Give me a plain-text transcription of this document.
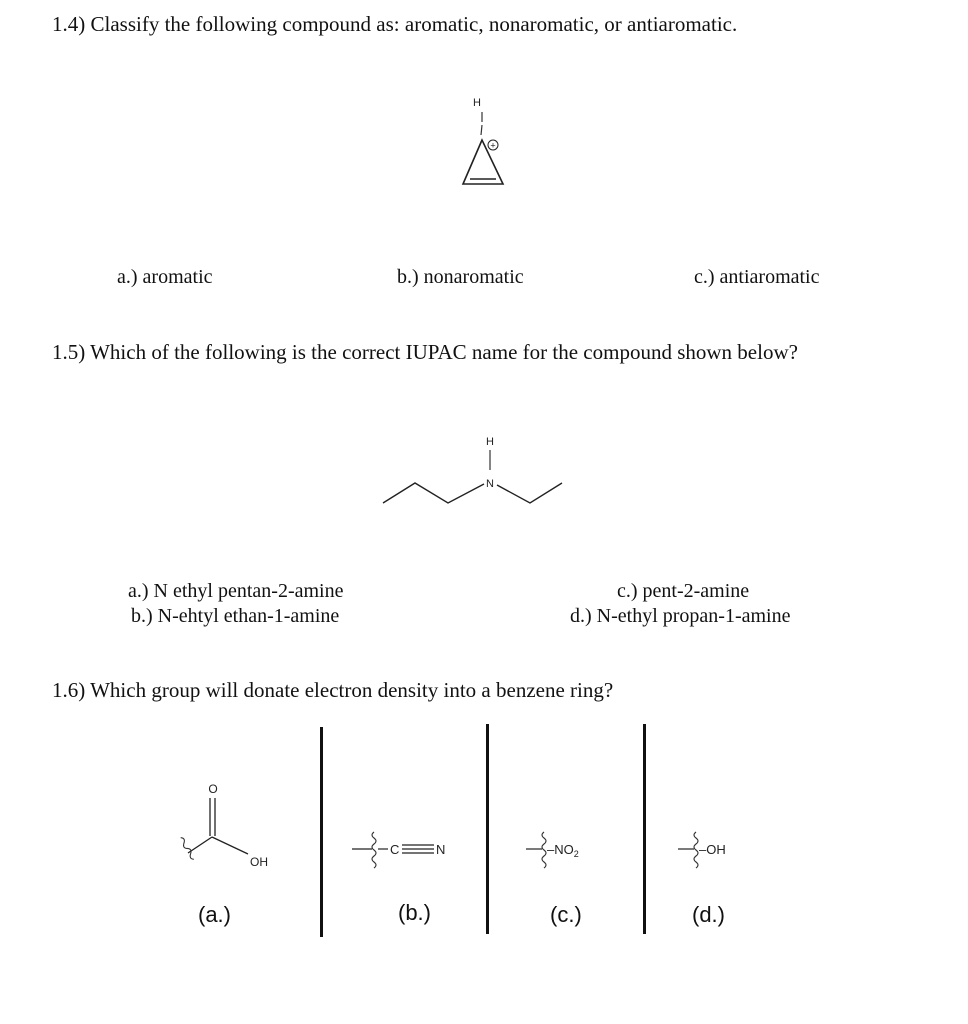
1.4) Classify the following compound as: aromatic, nonaromatic, or antiaromatic.
H
+
a.) aromatic	b.) nonaromatic	c.) antiaromatic
1.5) Which of the following is the correct IUPAC name for the compound shown below?
H
N
a.) N ethyl pentan-2-amine
b.) N-ehtyl ethan-1-amine
c.) pent-2-amine
d.) N-ethyl propan-1-amine
1.6) Which group will donate electron density into a benzene ring?
O
OH
(a.)
C	N
(b.)
$-NO_2$
(c.)
–OH
(d.)
